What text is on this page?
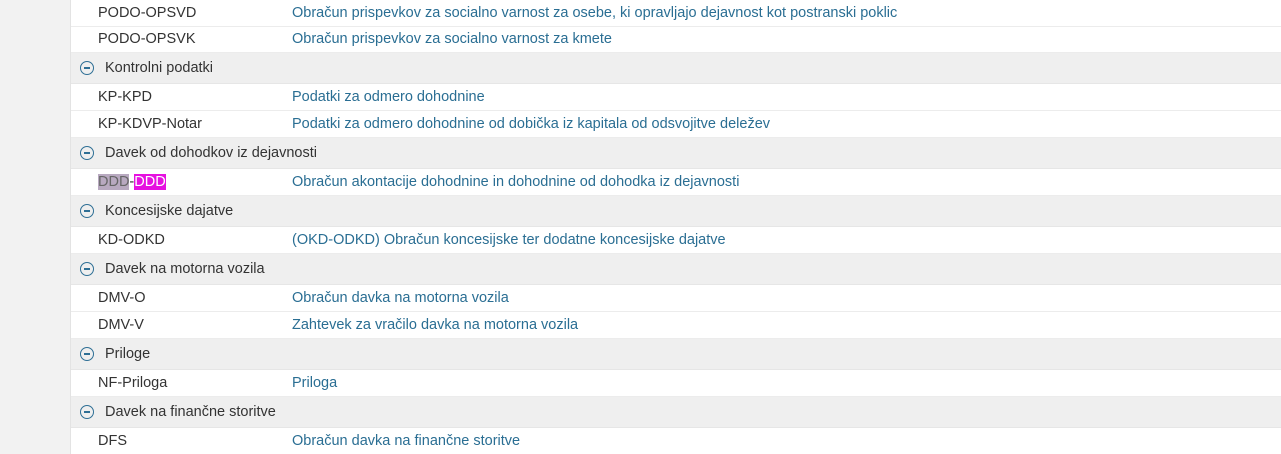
PODO-OPSVD	Obračun prispevkov za socialno varnost za osebe, ki opravljajo dejavnost kot postranski poklic
PODO-OPSVK	Obračun prispevkov za socialno varnost za kmete
Kontrolni podatki
KP-KPD	Podatki za odmero dohodnine
KP-KDVP-Notar	Podatki za odmero dohodnine od dobička iz kapitala od odsvojitve deležev
Davek od dohodkov iz dejavnosti
DDD-DDD	Obračun akontacije dohodnine in dohodnine od dohodka iz dejavnosti
Koncesijske dajatve
KD-ODKD	(OKD-ODKD) Obračun koncesijske ter dodatne koncesijske dajatve
Davek na motorna vozila
DMV-O	Obračun davka na motorna vozila
DMV-V	Zahtevek za vračilo davka na motorna vozila
Priloge
NF-Priloga	Priloga
Davek na finančne storitve
DFS	Obračun davka na finančne storitve
